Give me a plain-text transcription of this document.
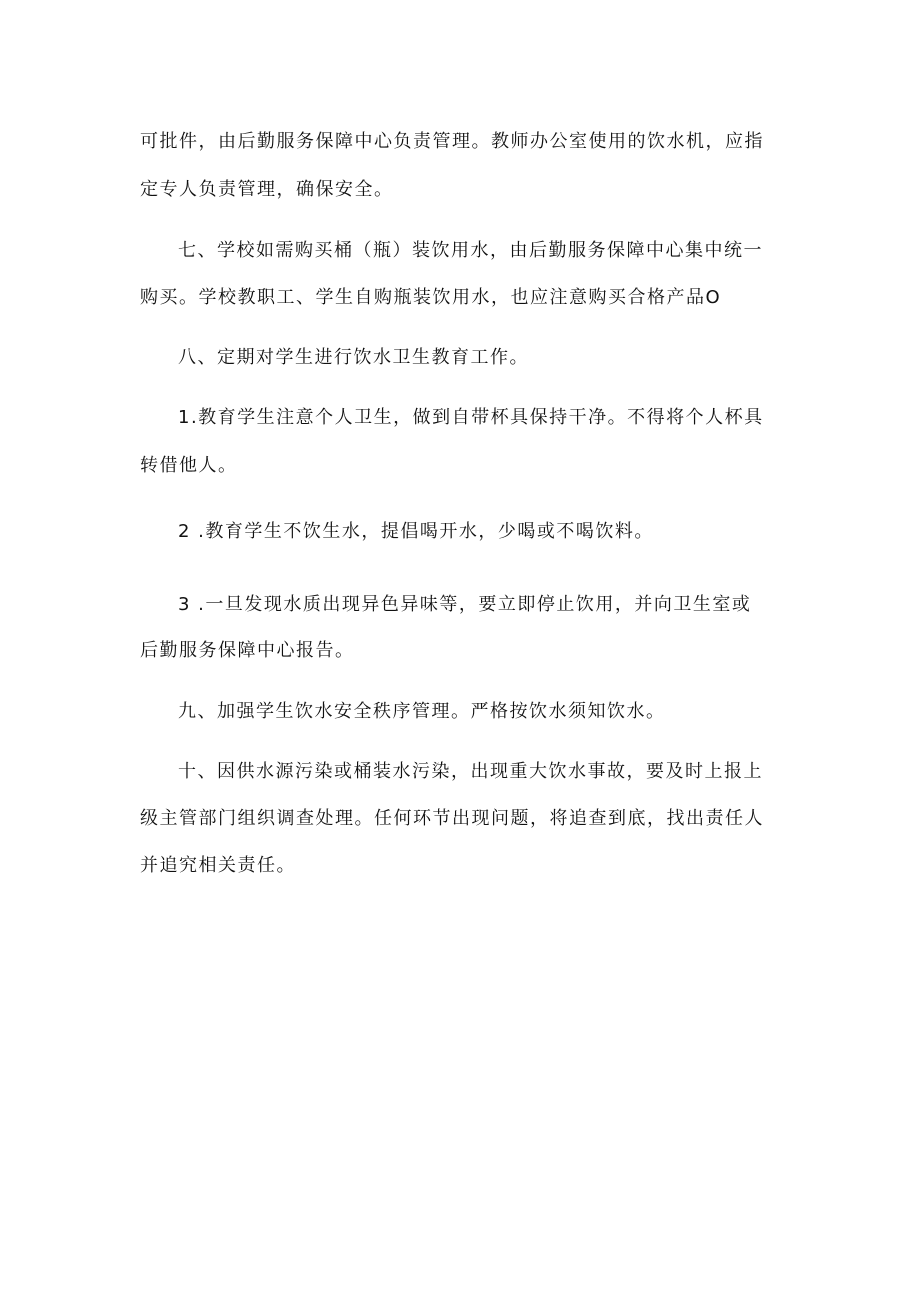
可批件，由后勤服务保障中心负责管理。教师办公室使用的饮水机，应指
定专人负责管理，确保安全。
七、学校如需购买桶（瓶）装饮用水，由后勤服务保障中心集中统一
购买。学校教职工、学生自购瓶装饮用水，也应注意购买合格产品O
八、定期对学生进行饮水卫生教育工作。
1.教育学生注意个人卫生，做到自带杯具保持干净。不得将个人杯具
转借他人。
2 .教育学生不饮生水，提倡喝开水，少喝或不喝饮料。
3 .一旦发现水质出现异色异味等，要立即停止饮用，并向卫生室或
后勤服务保障中心报告。
九、加强学生饮水安全秩序管理。严格按饮水须知饮水。
十、因供水源污染或桶装水污染，出现重大饮水事故，要及时上报上
级主管部门组织调查处理。任何环节出现问题，将追查到底，找出责任人
并追究相关责任。
